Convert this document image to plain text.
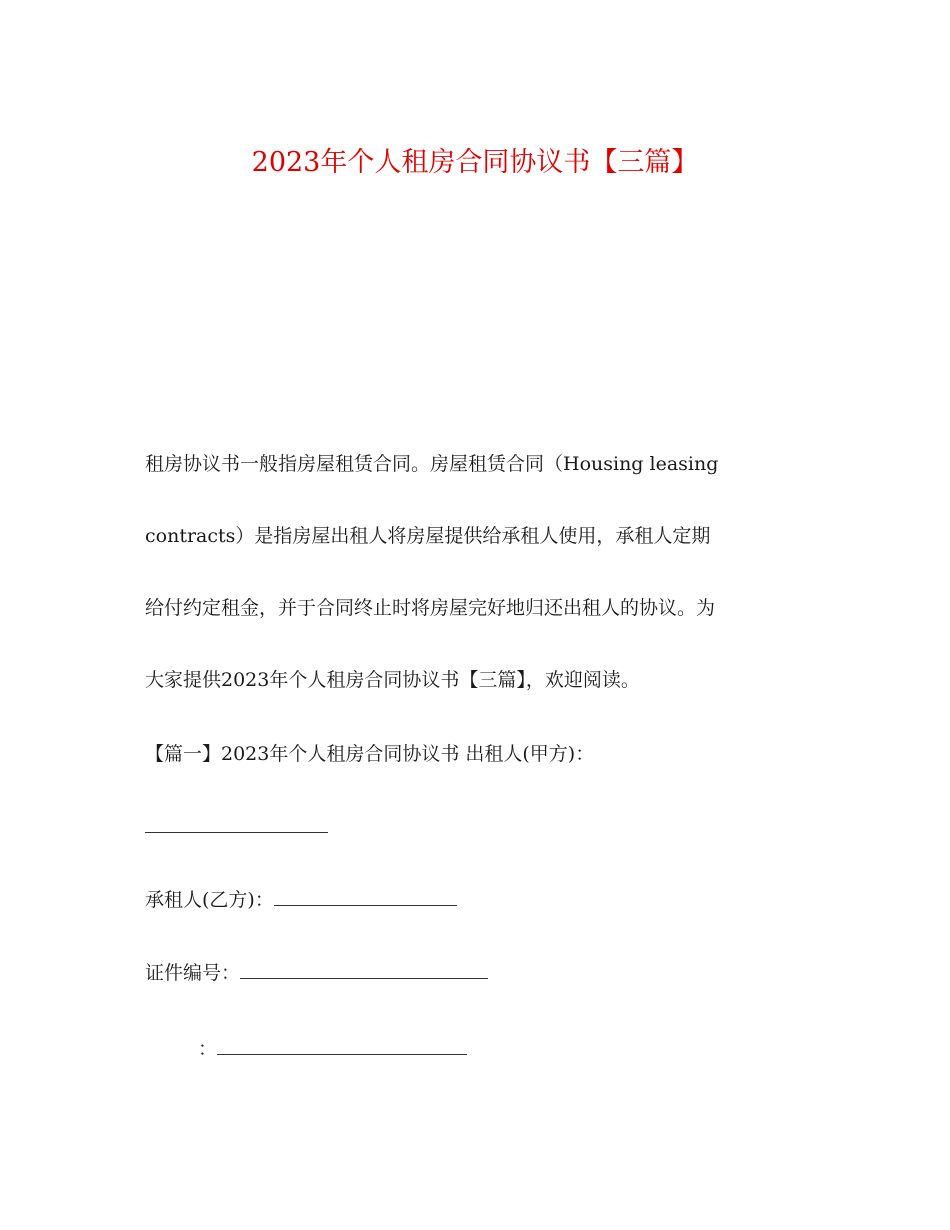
2023年个人租房合同协议书【三篇】
租房协议书一般指房屋租赁合同。房屋租赁合同（Housing leasing
contracts）是指房屋出租人将房屋提供给承租人使用，承租人定期
给付约定租金，并于合同终止时将房屋完好地归还出租人的协议。为
大家提供2023年个人租房合同协议书【三篇】，欢迎阅读。
【篇一】2023年个人租房合同协议书 出租人(甲方)：
承租人(乙方)：
证件编号：
：
